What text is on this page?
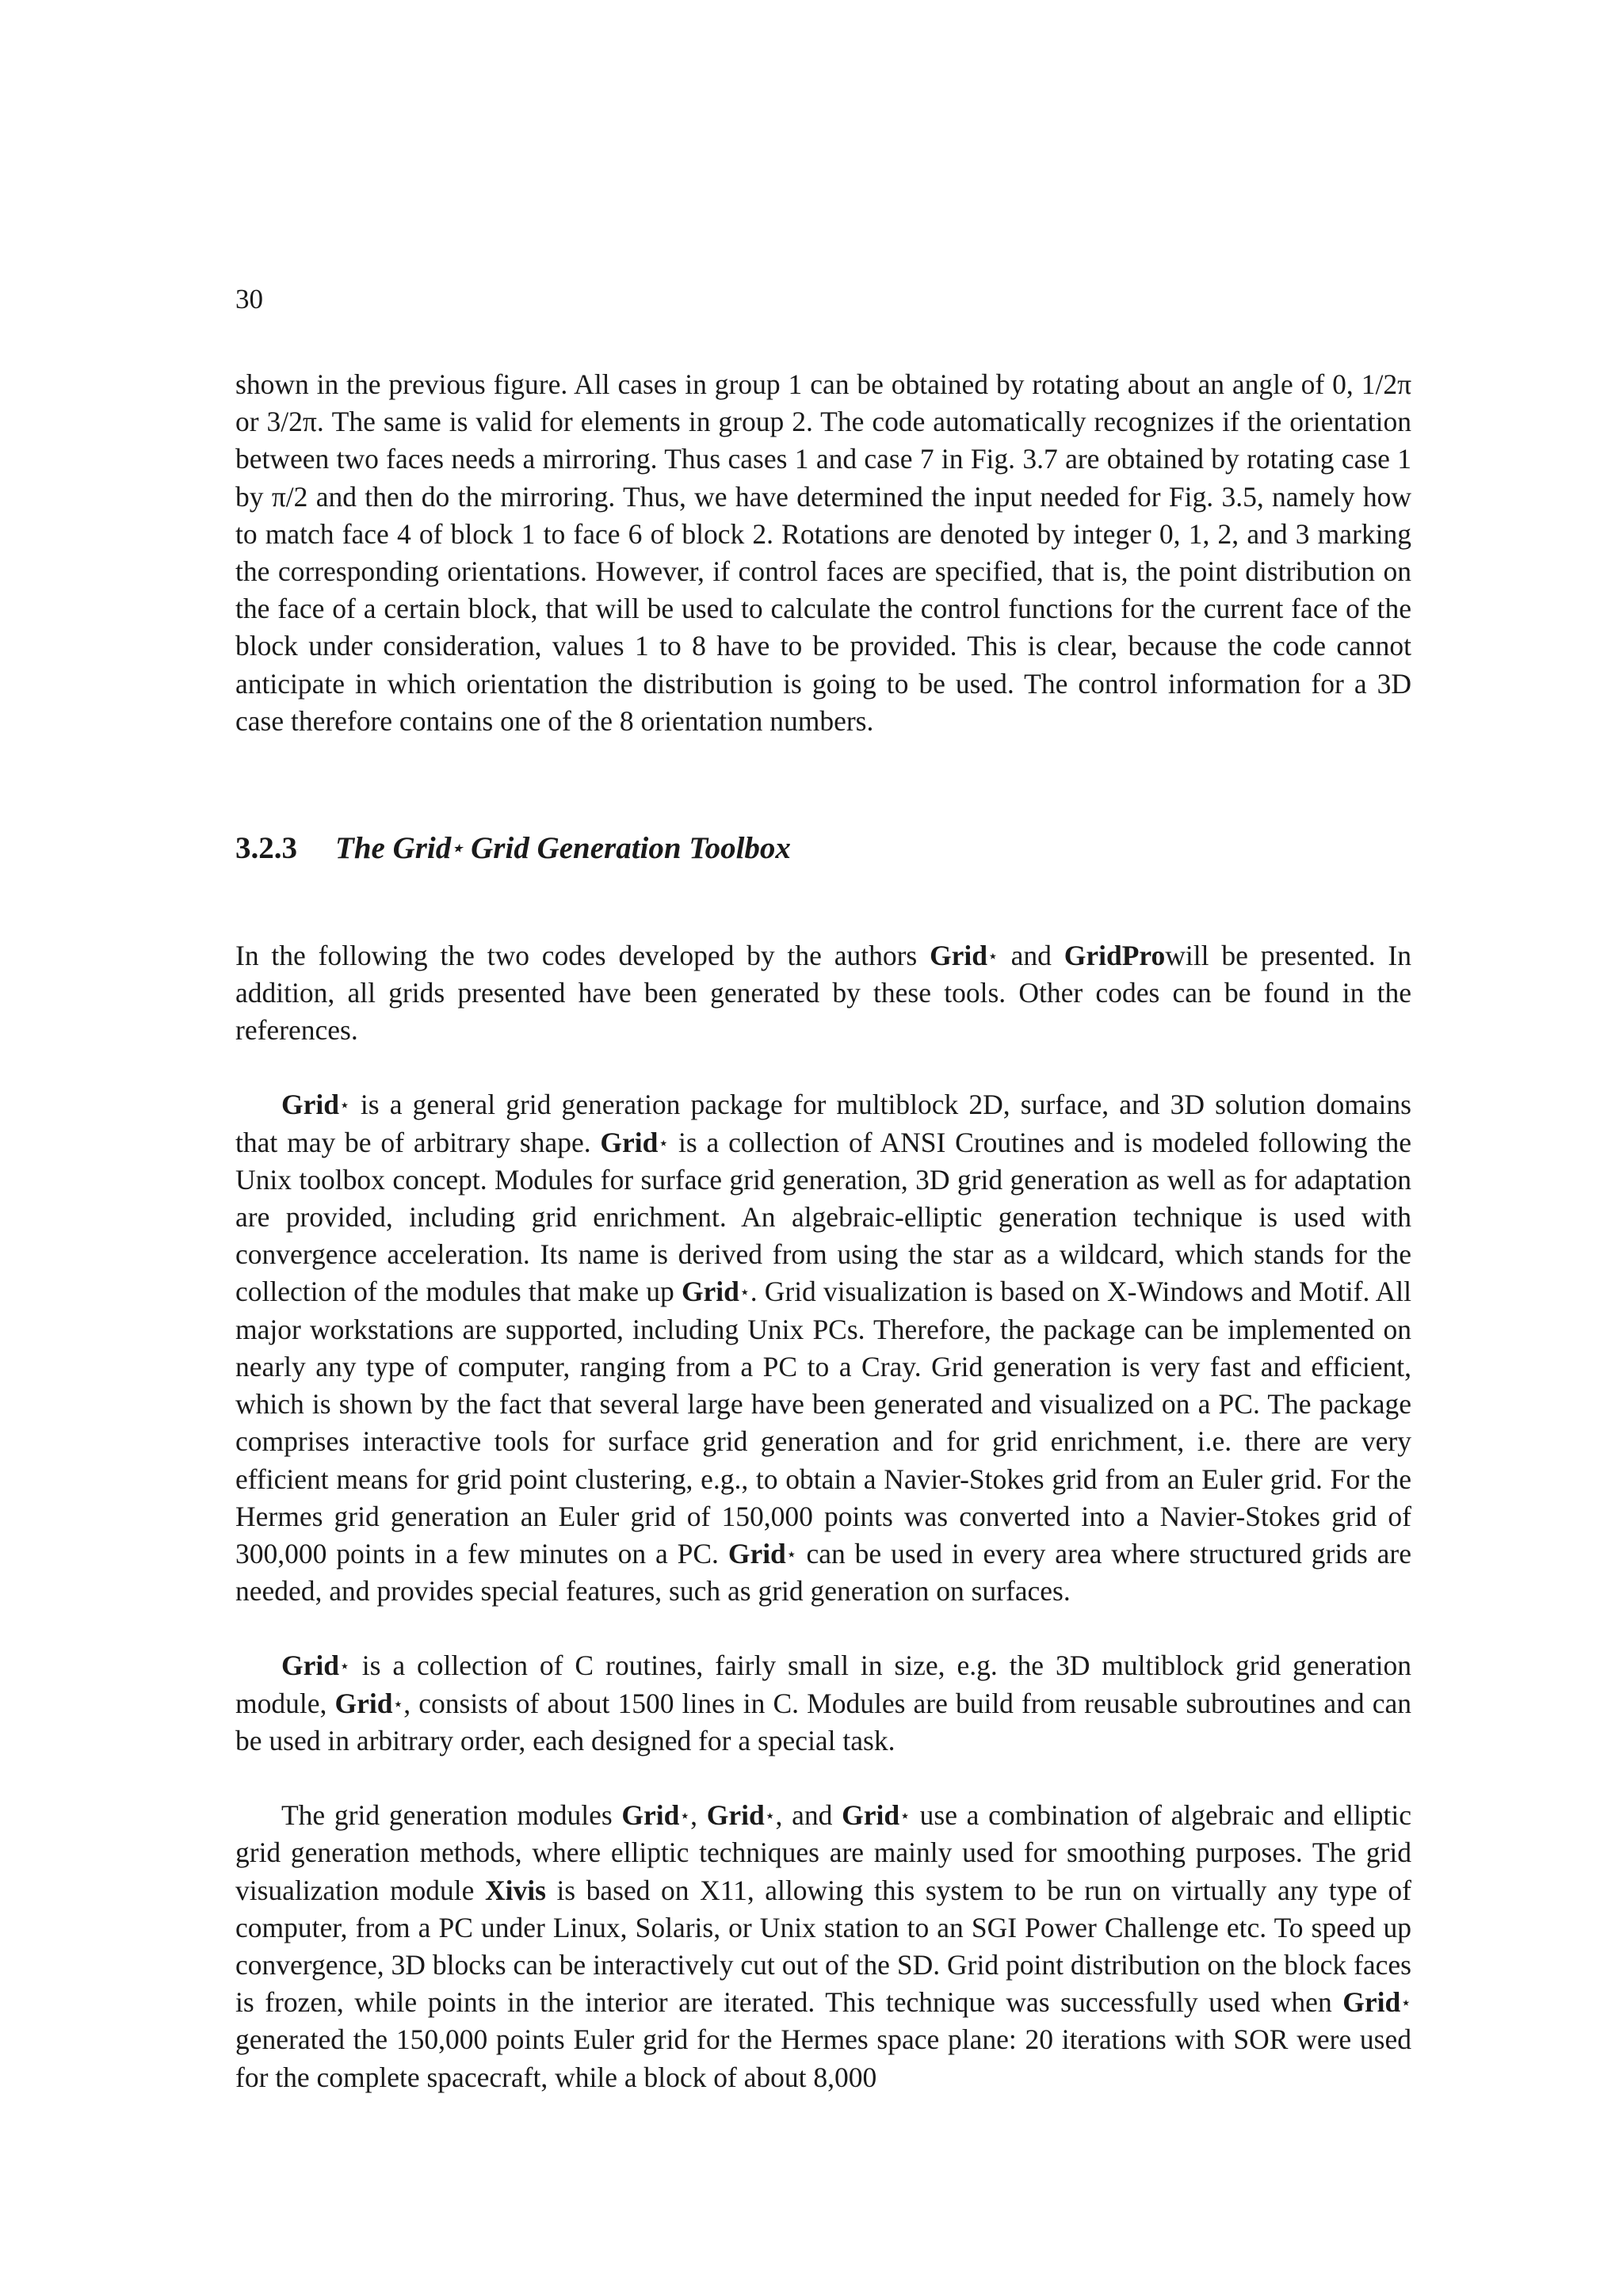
30

shown in the previous figure. All cases in group 1 can be obtained by rotating about an angle of 0, 1/2π or 3/2π. The same is valid for elements in group 2. The code automatically recognizes if the orientation between two faces needs a mirroring. Thus cases 1 and case 7 in Fig. 3.7 are obtained by rotating case 1 by π/2 and then do the mirroring. Thus, we have determined the input needed for Fig. 3.5, namely how to match face 4 of block 1 to face 6 of block 2. Rotations are denoted by integer 0, 1, 2, and 3 marking the corresponding orientations. However, if control faces are specified, that is, the point distribution on the face of a certain block, that will be used to calculate the control functions for the current face of the block under consideration, values 1 to 8 have to be provided. This is clear, because the code cannot anticipate in which orientation the distribution is going to be used. The control information for a 3D case therefore contains one of the 8 orientation numbers.

3.2.3 The Grid⋆ Grid Generation Toolbox

In the following the two codes developed by the authors Grid⋆ and GridProwill be presented. In addition, all grids presented have been generated by these tools. Other codes can be found in the references.

Grid⋆ is a general grid generation package for multiblock 2D, surface, and 3D solution domains that may be of arbitrary shape. Grid⋆ is a collection of ANSI Croutines and is modeled following the Unix toolbox concept. Modules for surface grid generation, 3D grid generation as well as for adaptation are provided, including grid enrichment. An algebraic-elliptic generation technique is used with convergence acceleration. Its name is derived from using the star as a wildcard, which stands for the collection of the modules that make up Grid⋆. Grid visualization is based on X-Windows and Motif. All major workstations are supported, including Unix PCs. Therefore, the package can be implemented on nearly any type of computer, ranging from a PC to a Cray. Grid generation is very fast and efficient, which is shown by the fact that several large have been generated and visualized on a PC. The package comprises interactive tools for surface grid generation and for grid enrichment, i.e. there are very efficient means for grid point clustering, e.g., to obtain a Navier-Stokes grid from an Euler grid. For the Hermes grid generation an Euler grid of 150,000 points was converted into a Navier-Stokes grid of 300,000 points in a few minutes on a PC. Grid⋆ can be used in every area where structured grids are needed, and provides special features, such as grid generation on surfaces.

Grid⋆ is a collection of C routines, fairly small in size, e.g. the 3D multiblock grid generation module, Grid⋆, consists of about 1500 lines in C. Modules are build from reusable subroutines and can be used in arbitrary order, each designed for a special task.

The grid generation modules Grid⋆, Grid⋆, and Grid⋆ use a combination of algebraic and elliptic grid generation methods, where elliptic techniques are mainly used for smoothing purposes. The grid visualization module Xivis is based on X11, allowing this system to be run on virtually any type of computer, from a PC under Linux, Solaris, or Unix station to an SGI Power Challenge etc. To speed up convergence, 3D blocks can be interactively cut out of the SD. Grid point distribution on the block faces is frozen, while points in the interior are iterated. This technique was successfully used when Grid⋆ generated the 150,000 points Euler grid for the Hermes space plane: 20 iterations with SOR were used for the complete spacecraft, while a block of about 8,000
